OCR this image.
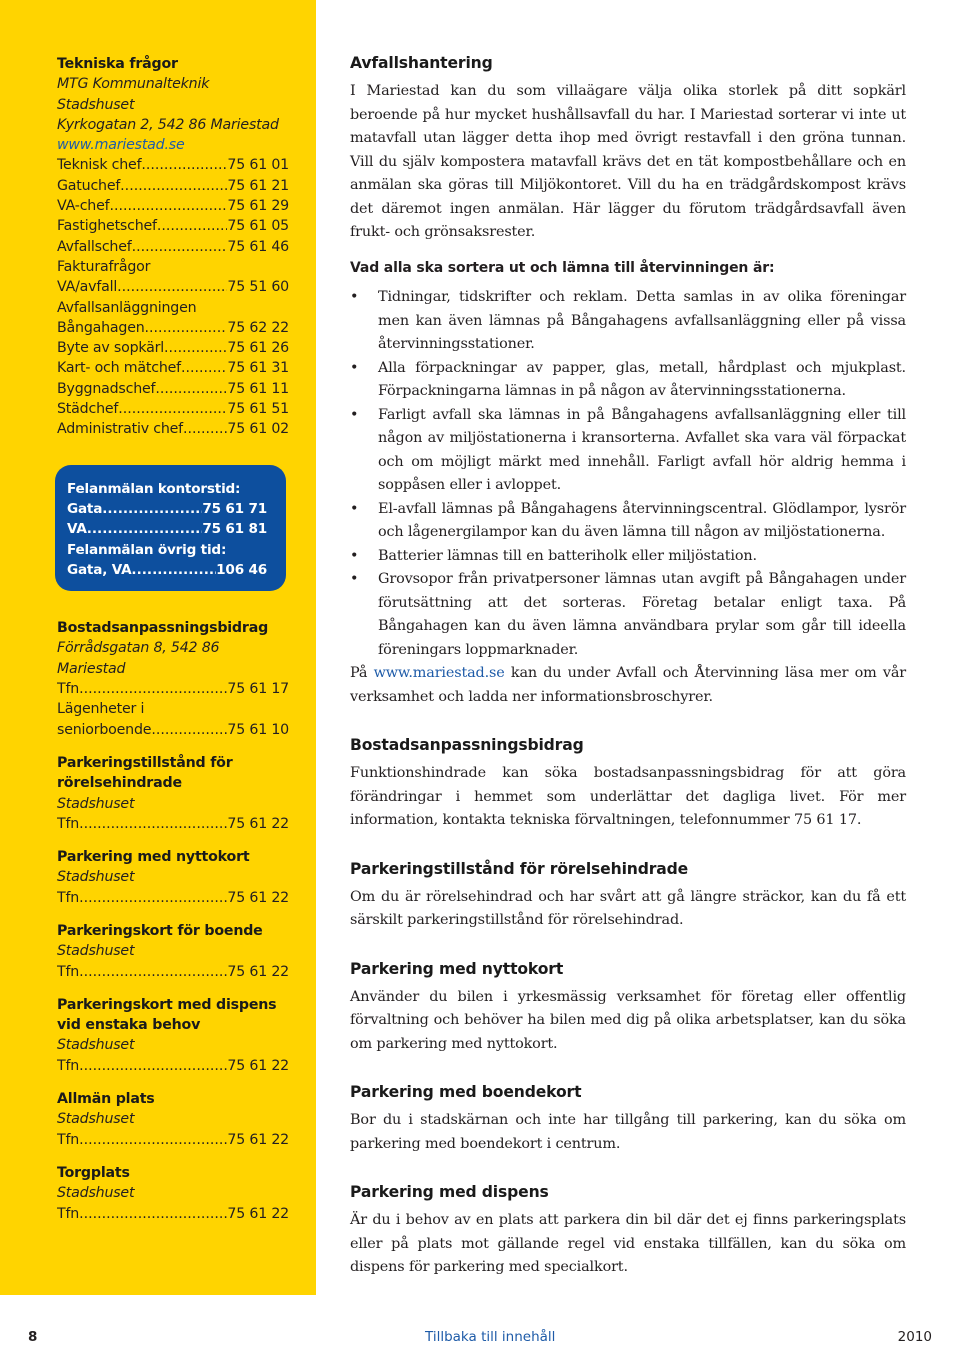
Tekniska frågor
MTG Kommunalteknik
Stadshuset
Kyrkogatan 2, 542 86 Mariestad
www.mariestad.se
Teknisk chef .....	75 61 01
Gatuchef .....	75 61 21
VA-chef .....	75 61 29
Fastighetschef .....	75 61 05
Avfallschef .....	75 61 46
Fakturafrågor
VA/avfall .....	75 51 60
Avfallsanläggningen
Bångahagen .....	75 62 22
Byte av sopkärl .....	75 61 26
Kart- och mätchef .....	75 61 31
Byggnadschef .....	75 61 11
Städchef .....	75 61 51
Administrativ chef .....	75 61 02
Felanmälan kontorstid:
Gata .....	75 61 71
VA .....	75 61 81
Felanmälan övrig tid:
Gata, VA .....	106 46
Bostadsanpassningsbidrag
Förrådsgatan 8, 542 86 Mariestad
Tfn .....	75 61 17
Lägenheter i
seniorboende .....	75 61 10
Parkeringstillstånd för
rörelsehindrade
Stadshuset
Tfn .....	75 61 22
Parkering med nyttokort
Stadshuset
Tfn .....	75 61 22
Parkeringskort för boende
Stadshuset
Tfn .....	75 61 22
Parkeringskort med dispens
vid enstaka behov
Stadshuset
Tfn .....	75 61 22
Allmän plats
Stadshuset
Tfn .....	75 61 22
Torgplats
Stadshuset
Tfn .....	75 61 22
Avfallshantering

I Mariestad kan du som villaägare välja olika storlek på ditt sopkärl beroende på hur mycket hushållsavfall du har. I Mariestad sorterar vi inte ut matavfall utan lägger detta ihop med övrigt restavfall i den gröna tunnan. Vill du själv kompostera matavfall krävs det en tät kompostbehållare och en anmälan ska göras till Miljökontoret. Vill du ha en trädgårdskompost krävs det däremot ingen anmälan. Här lägger du förutom trädgårdsavfall även frukt- och grönsaksrester.

Vad alla ska sortera ut och lämna till återvinningen är:
• Tidningar, tidskrifter och reklam. Detta samlas in av olika föreningar men kan även lämnas på Bångahagens avfallsanläggning eller på vissa återvinningsstationer.
• Alla förpackningar av papper, glas, metall, hårdplast och mjukplast. Förpackningarna lämnas in på någon av återvinningsstationerna.
• Farligt avfall ska lämnas in på Bångahagens avfallsanläggning eller till någon av miljöstationerna i kransorterna. Avfallet ska vara väl förpackat och om möjligt märkt med innehåll. Farligt avfall hör aldrig hemma i soppåsen eller i avloppet.
• El-avfall lämnas på Bångahagens återvinningscentral. Glödlampor, lysrör och lågenergilampor kan du även lämna till någon av miljöstationerna.
• Batterier lämnas till en batteriholk eller miljöstation.
• Grovsopor från privatpersoner lämnas utan avgift på Bångahagen under förutsättning att det sorteras. Företag betalar enligt taxa. På Bångahagen kan du även lämna användbara prylar som går till ideella föreningars loppmarknader.

På www.mariestad.se kan du under Avfall och Återvinning läsa mer om vår verksamhet och ladda ner informationsbroschyrer.

Bostadsanpassningsbidrag

Funktionshindrade kan söka bostadsanpassningsbidrag för att göra förändringar i hemmet som underlättar det dagliga livet. För mer information, kontakta tekniska förvaltningen, telefonnummer 75 61 17.

Parkeringstillstånd för rörelsehindrade

Om du är rörelsehindrad och har svårt att gå längre sträckor, kan du få ett särskilt parkeringstillstånd för rörelsehindrad.

Parkering med nyttokort

Använder du bilen i yrkesmässig verksamhet för företag eller offentlig förvaltning och behöver ha bilen med dig på olika arbetsplatser, kan du söka om parkering med nyttokort.

Parkering med boendekort

Bor du i stadskärnan och inte har tillgång till parkering, kan du söka om parkering med boendekort i centrum.

Parkering med dispens

Är du i behov av en plats att parkera din bil där det ej finns parkeringsplats eller på plats mot gällande regel vid enstaka tillfällen, kan du söka om dispens för parkering med specialkort.

8	Tillbaka till innehåll	2010
